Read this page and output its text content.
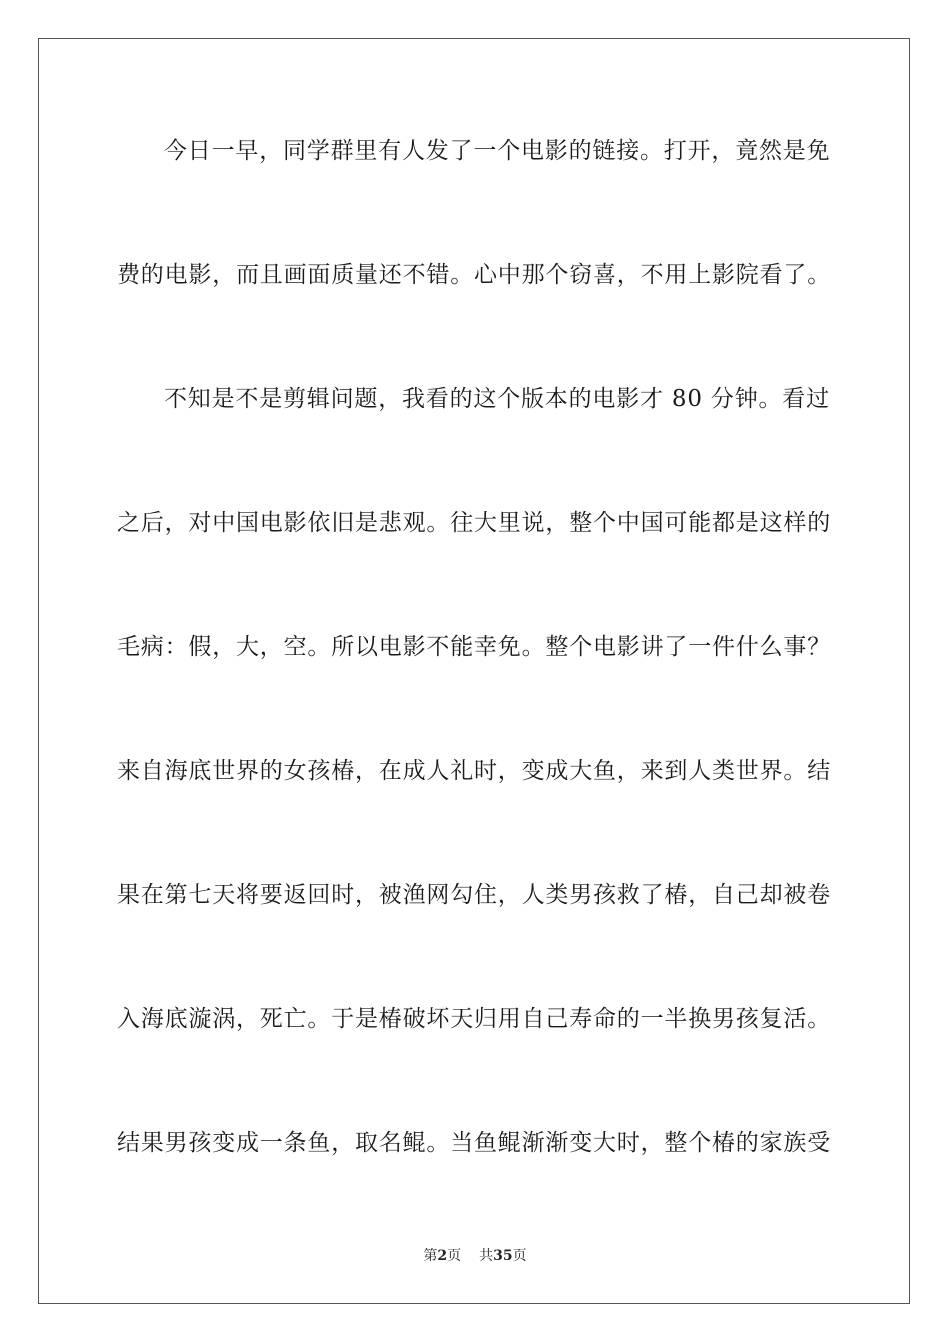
今日一早，同学群里有人发了一个电影的链接。打开，竟然是免
费的电影，而且画面质量还不错。心中那个窃喜，不用上影院看了。
不知是不是剪辑问题，我看的这个版本的电影才 80 分钟。看过
之后，对中国电影依旧是悲观。往大里说，整个中国可能都是这样的
毛病：假，大，空。所以电影不能幸免。整个电影讲了一件什么事？
来自海底世界的女孩椿，在成人礼时，变成大鱼，来到人类世界。结
果在第七天将要返回时，被渔网勾住，人类男孩救了椿，自己却被卷
入海底漩涡，死亡。于是椿破坏天归用自己寿命的一半换男孩复活。
结果男孩变成一条鱼，取名鲲。当鱼鲲渐渐变大时，整个椿的家族受
第2页 共35页
